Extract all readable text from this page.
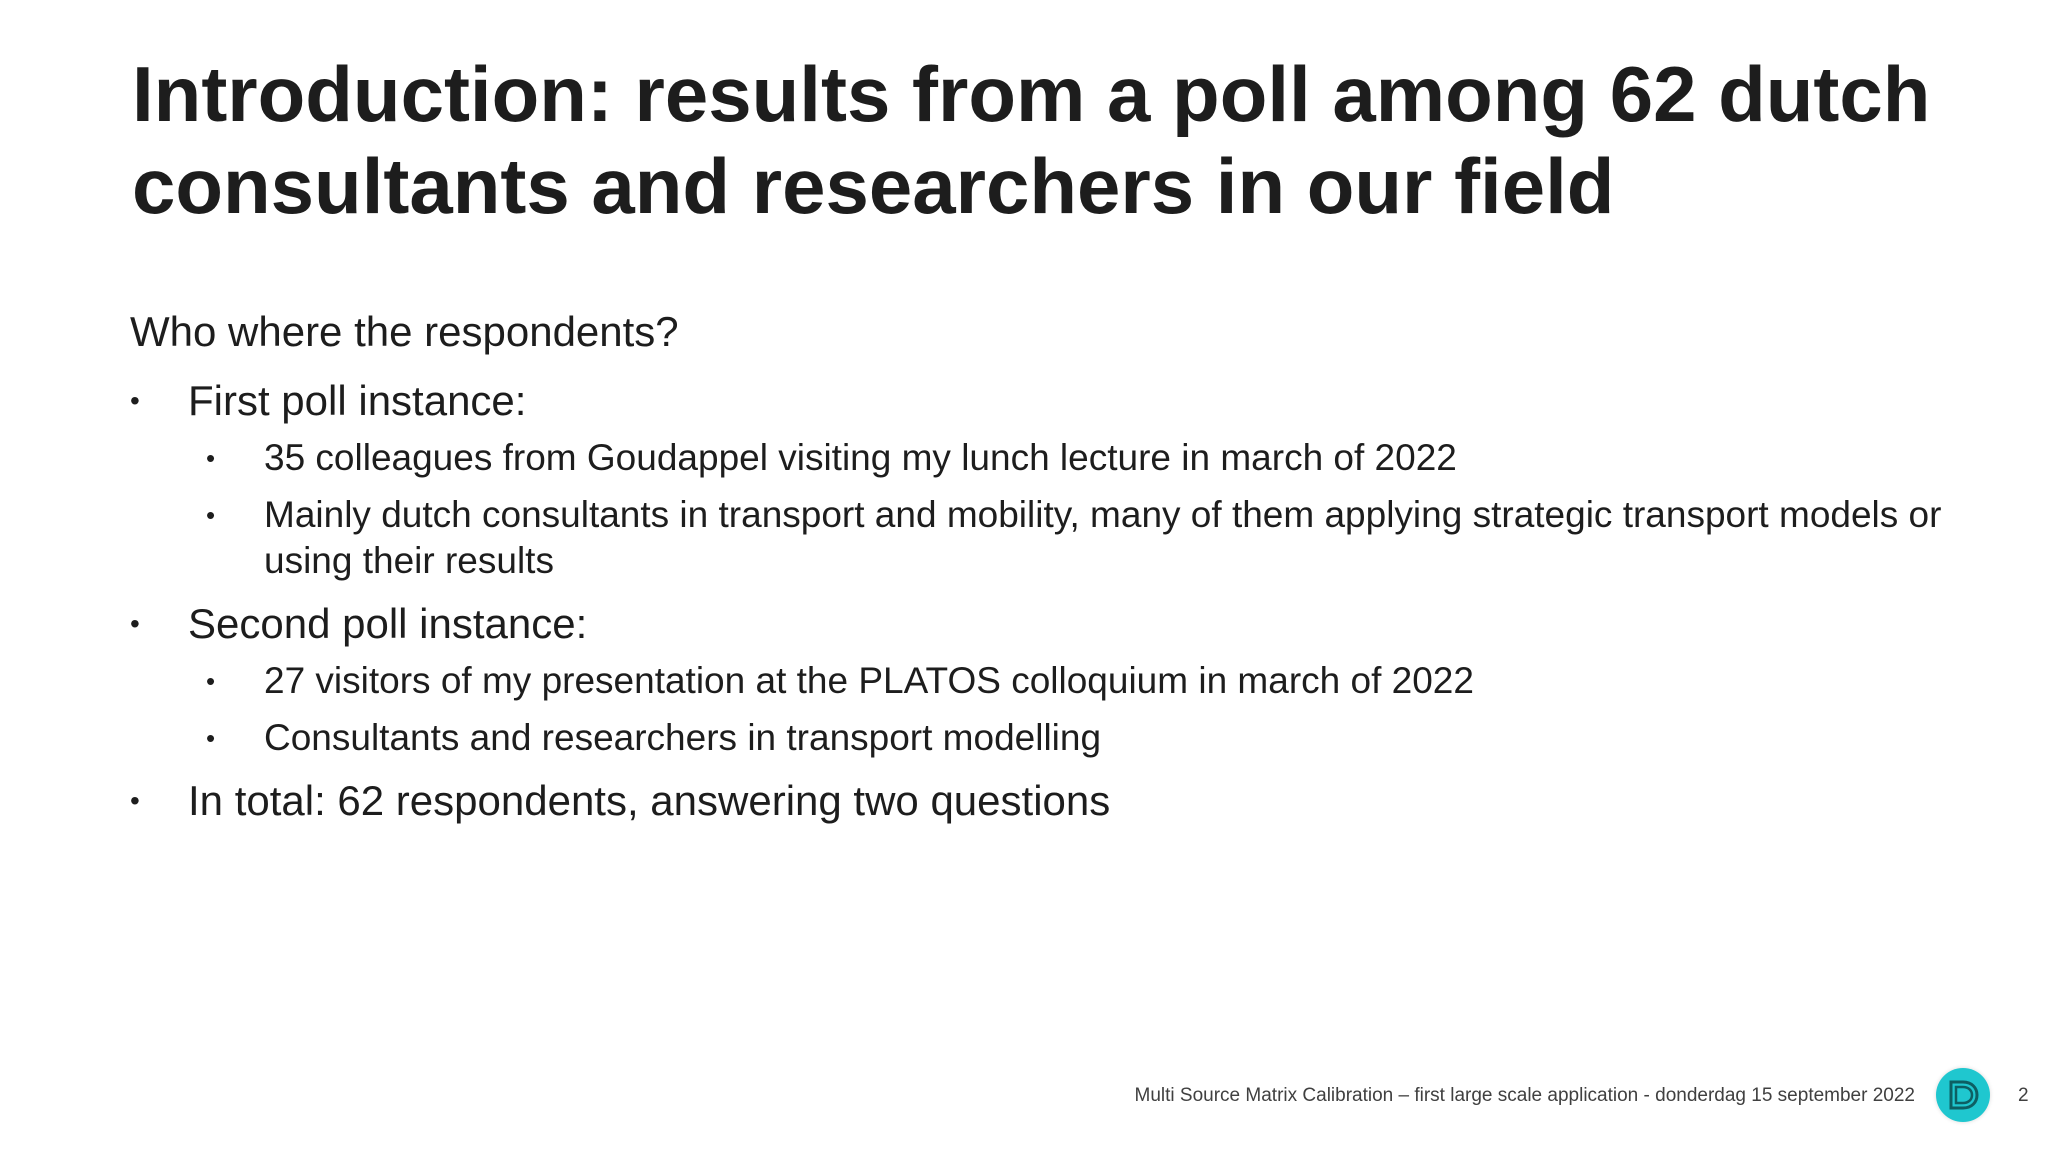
Introduction: results from a poll among 62 dutch consultants and researchers in our field
Who where the respondents?
• First poll instance:
• 35 colleagues from Goudappel visiting my lunch lecture in march of 2022
• Mainly dutch consultants in transport and mobility, many of them applying strategic transport models or using their results
• Second poll instance:
• 27 visitors of my presentation at the PLATOS colloquium in march of 2022
• Consultants and researchers in transport modelling
• In total: 62 respondents, answering two questions
Multi Source Matrix Calibration – first large scale application - donderdag 15 september 2022	2
